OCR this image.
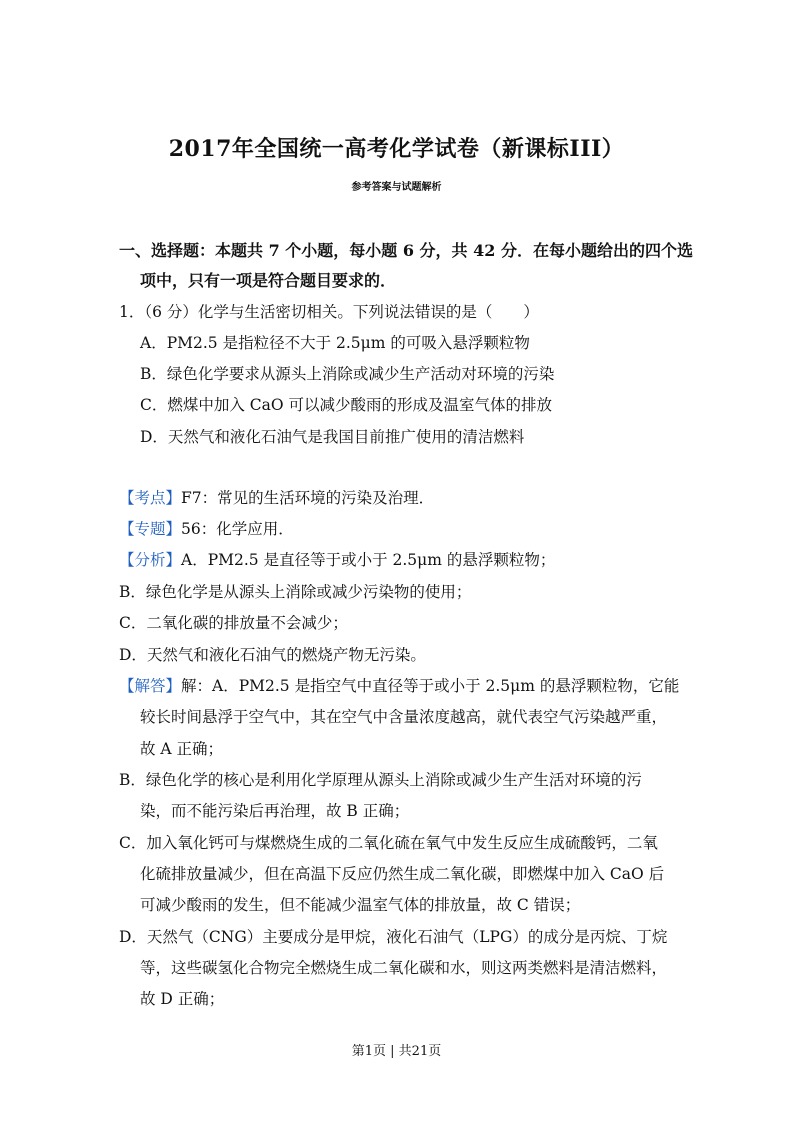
2017年全国统一高考化学试卷（新课标III）
参考答案与试题解析
一、选择题：本题共 7 个小题，每小题 6 分，共 42 分．在每小题给出的四个选
项中，只有一项是符合题目要求的．
1．（6 分）化学与生活密切相关。下列说法错误的是（　　）
A．PM2.5 是指粒径不大于 2.5μm 的可吸入悬浮颗粒物
B．绿色化学要求从源头上消除或减少生产活动对环境的污染
C．燃煤中加入 CaO 可以减少酸雨的形成及温室气体的排放
D．天然气和液化石油气是我国目前推广使用的清洁燃料
【考点】F7：常见的生活环境的污染及治理．
【专题】56：化学应用．
【分析】A．PM2.5 是直径等于或小于 2.5μm 的悬浮颗粒物；
B．绿色化学是从源头上消除或减少污染物的使用；
C．二氧化碳的排放量不会减少；
D．天然气和液化石油气的燃烧产物无污染。
【解答】解：A．PM2.5 是指空气中直径等于或小于 2.5μm 的悬浮颗粒物，它能
较长时间悬浮于空气中，其在空气中含量浓度越高，就代表空气污染越严重，
故 A 正确；
B．绿色化学的核心是利用化学原理从源头上消除或减少生产生活对环境的污
染，而不能污染后再治理，故 B 正确；
C．加入氧化钙可与煤燃烧生成的二氧化硫在氧气中发生反应生成硫酸钙，二氧
化硫排放量减少，但在高温下反应仍然生成二氧化碳，即燃煤中加入 CaO 后
可减少酸雨的发生，但不能减少温室气体的排放量，故 C 错误；
D．天然气（CNG）主要成分是甲烷，液化石油气（LPG）的成分是丙烷、丁烷
等，这些碳氢化合物完全燃烧生成二氧化碳和水，则这两类燃料是清洁燃料，
故 D 正确；
第1页 | 共21页
